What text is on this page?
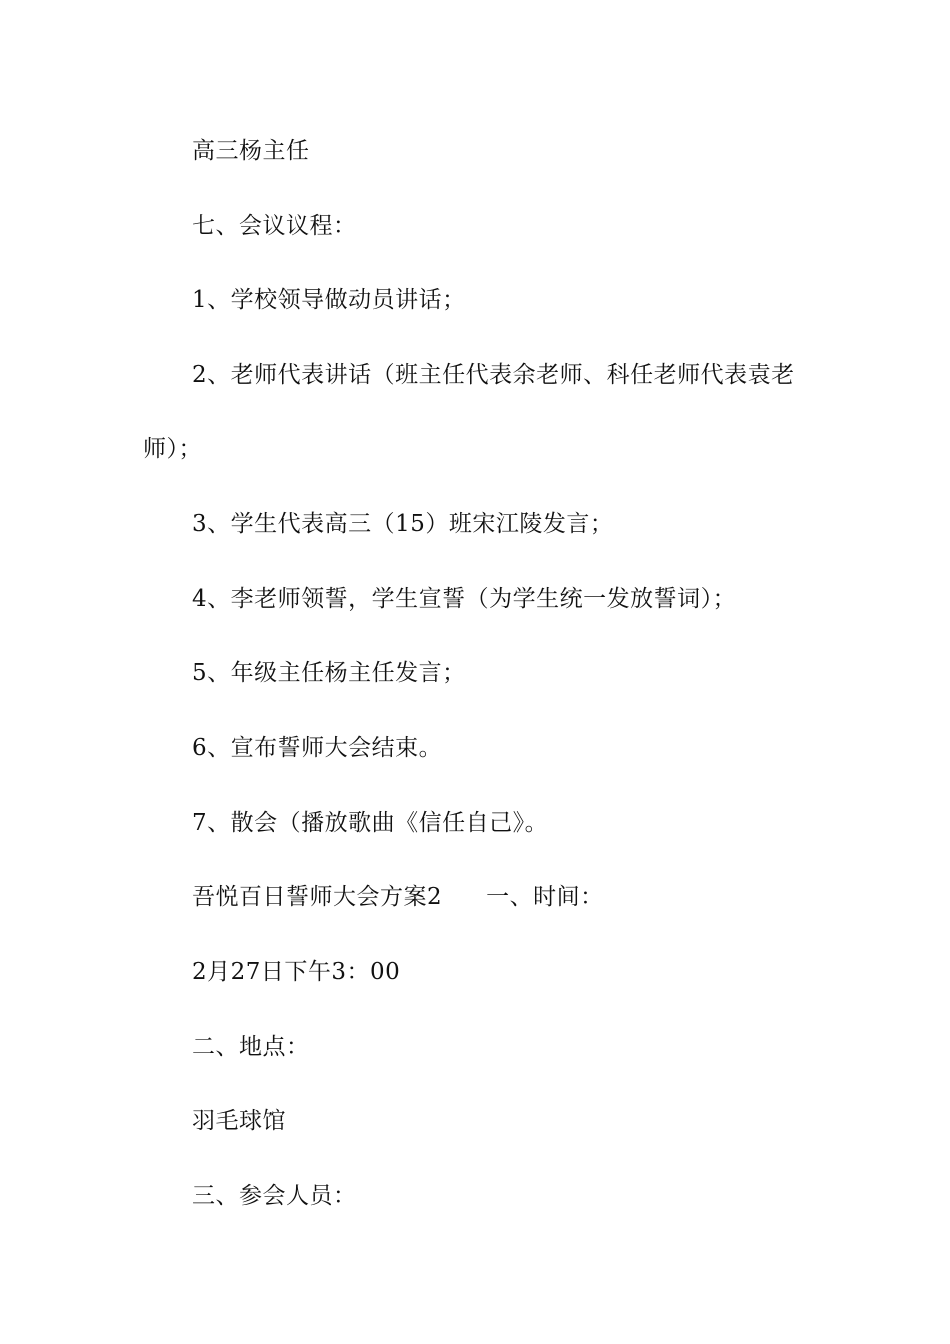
高三杨主任
七、会议议程：
1、学校领导做动员讲话；
2、老师代表讲话（班主任代表余老师、科任老师代表袁老
师）；
3、学生代表高三（15）班宋江陵发言；
4、李老师领誓，学生宣誓（为学生统一发放誓词）；
5、年级主任杨主任发言；
6、宣布誓师大会结束。
7、散会（播放歌曲《信任自己》。
吾悦百日誓师大会方案2 一、时间：
2月27日下午3：00
二、地点：
羽毛球馆
三、参会人员：
